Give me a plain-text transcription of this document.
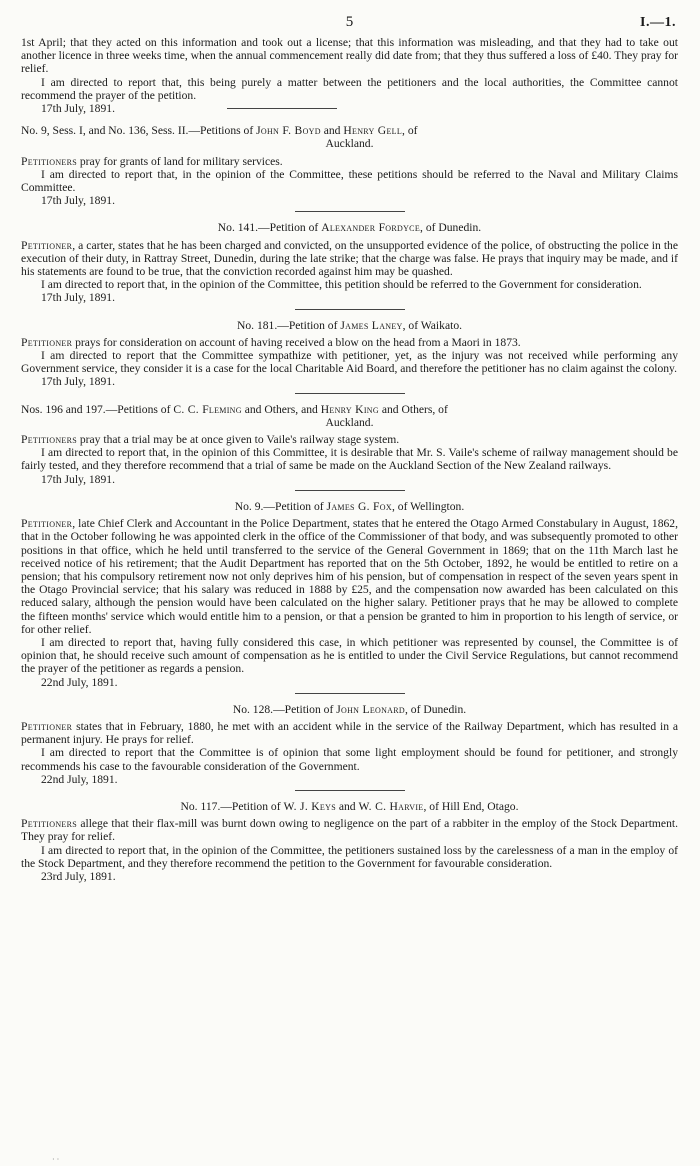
5	I.—1.

1st April; that they acted on this information and took out a license; that this information was misleading, and that they had to take out another licence in three weeks time, when the annual commencement really did date from; that they thus suffered a loss of £40. They pray for relief.

I am directed to report that, this being purely a matter between the petitioners and the local authorities, the Committee cannot recommend the prayer of the petition.

17th July, 1891.
No. 9, Sess. I, and No. 136, Sess. II.—Petitions of John F. Boyd and Henry Gell, of
Auckland.

Petitioners pray for grants of land for military services.

I am directed to report that, in the opinion of the Committee, these petitions should be referred to the Naval and Military Claims Committee.

17th July, 1891.

No. 141.—Petition of Alexander Fordyce, of Dunedin.

Petitioner, a carter, states that he has been charged and convicted, on the unsupported evidence of the police, of obstructing the police in the execution of their duty, in Rattray Street, Dunedin, during the late strike; that the charge was false. He prays that inquiry may be made, and if his statements are found to be true, that the conviction recorded against him may be quashed.

I am directed to report that, in the opinion of the Committee, this petition should be referred to the Government for consideration.

17th July, 1891.

No. 181.—Petition of James Laney, of Waikato.

Petitioner prays for consideration on account of having received a blow on the head from a Maori in 1873.

I am directed to report that the Committee sympathize with petitioner, yet, as the injury was not received while performing any Government service, they consider it is a case for the local Charitable Aid Board, and therefore the petitioner has no claim against the colony.

17th July, 1891.

Nos. 196 and 197.—Petitions of C. C. Fleming and Others, and Henry King and Others, of
Auckland.

Petitioners pray that a trial may be at once given to Vaile's railway stage system.

I am directed to report that, in the opinion of this Committee, it is desirable that Mr. S. Vaile's scheme of railway management should be fairly tested, and they therefore recommend that a trial of same be made on the Auckland Section of the New Zealand railways.

17th July, 1891.

No. 9.—Petition of James G. Fox, of Wellington.

Petitioner, late Chief Clerk and Accountant in the Police Department, states that he entered the Otago Armed Constabulary in August, 1862, that in the October following he was appointed clerk in the office of the Commissioner of that body, and was subsequently promoted to other positions in that office, which he held until transferred to the service of the General Government in 1869; that on the 11th March last he received notice of his retirement; that the Audit Department has reported that on the 5th October, 1892, he would be entitled to retire on a pension; that his compulsory retirement now not only deprives him of his pension, but of compensation in respect of the seven years spent in the Otago Provincial service; that his salary was reduced in 1888 by £25, and the compensation now awarded has been calculated on this reduced salary, although the pension would have been calculated on the higher salary. Petitioner prays that he may be allowed to complete the fifteen months' service which would entitle him to a pension, or that a pension be granted to him in proportion to his length of service, or for other relief.

I am directed to report that, having fully considered this case, in which petitioner was represented by counsel, the Committee is of opinion that, he should receive such amount of compensation as he is entitled to under the Civil Service Regulations, but cannot recommend the prayer of the petitioner as regards a pension.

22nd July, 1891.

No. 128.—Petition of John Leonard, of Dunedin.

Petitioner states that in February, 1880, he met with an accident while in the service of the Railway Department, which has resulted in a permanent injury. He prays for relief.

I am directed to report that the Committee is of opinion that some light employment should be found for petitioner, and strongly recommends his case to the favourable consideration of the Government.

22nd July, 1891.

No. 117.—Petition of W. J. Keys and W. C. Harvie, of Hill End, Otago.

Petitioners allege that their flax-mill was burnt down owing to negligence on the part of a rabbiter in the employ of the Stock Department. They pray for relief.

I am directed to report that, in the opinion of the Committee, the petitioners sustained loss by the carelessness of a man in the employ of the Stock Department, and they therefore recommend the petition to the Government for favourable consideration.

23rd July, 1891.

· ·
